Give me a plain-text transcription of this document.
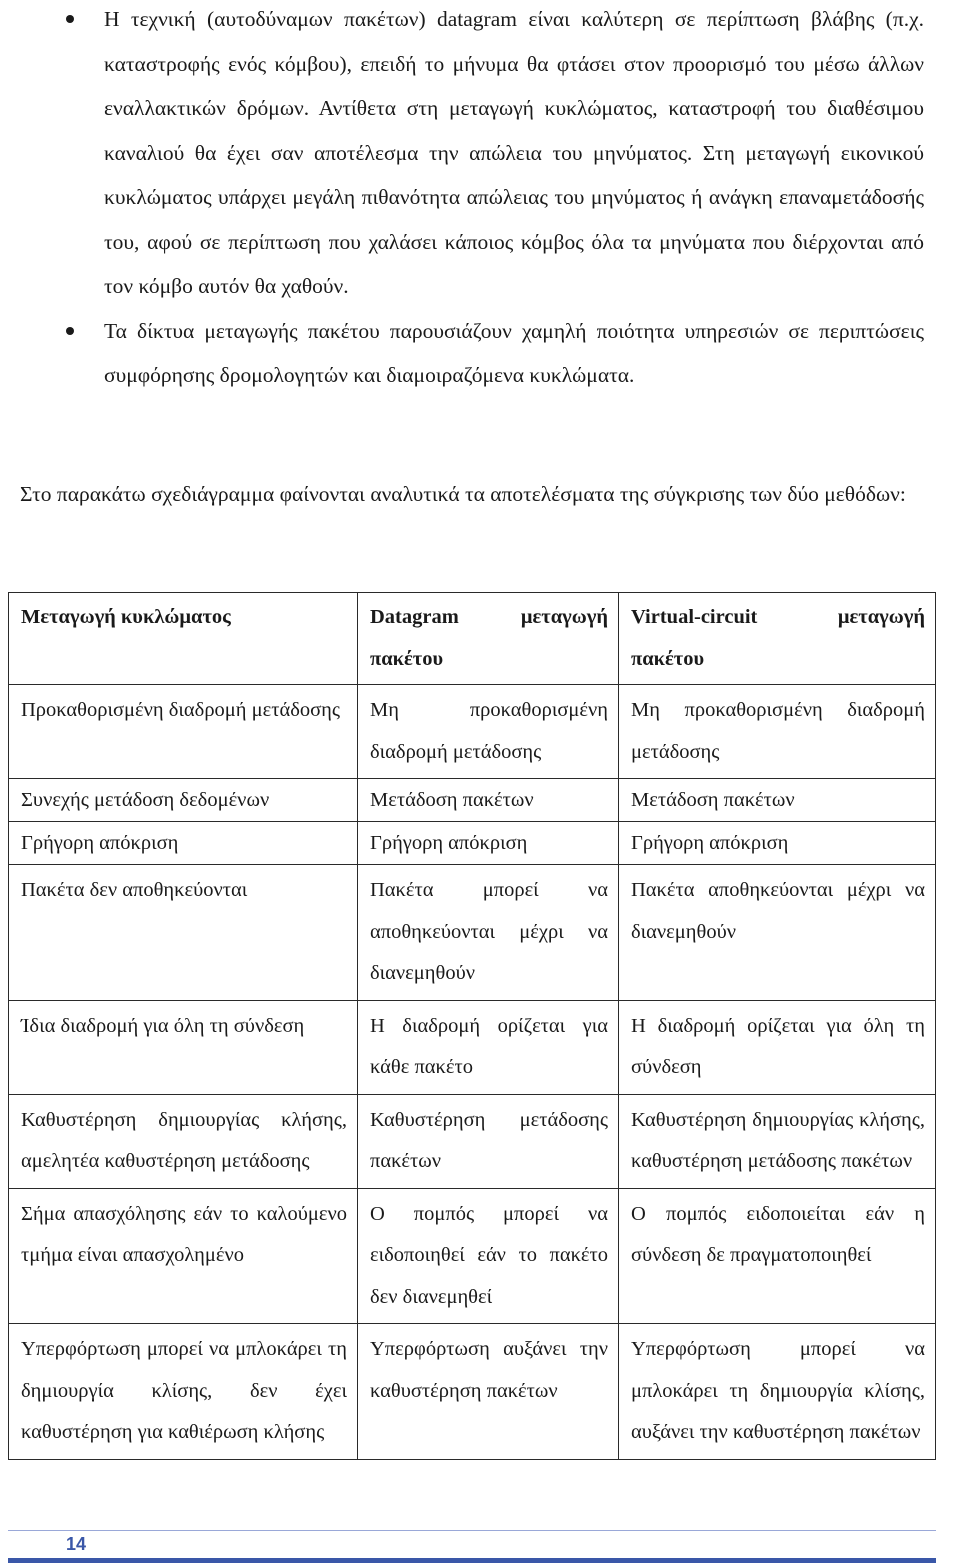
Η τεχνική (αυτοδύναμων πακέτων) datagram είναι καλύτερη σε περίπτωση βλάβης (π.χ. καταστροφής ενός κόμβου), επειδή το μήνυμα θα φτάσει στον προορισμό του μέσω άλλων εναλλακτικών δρόμων. Αντίθετα στη μεταγωγή κυκλώματος, καταστροφή του διαθέσιμου καναλιού θα έχει σαν αποτέλεσμα την απώλεια του μηνύματος. Στη μεταγωγή εικονικού κυκλώματος υπάρχει μεγάλη πιθανότητα απώλειας του μηνύματος ή ανάγκη επαναμετάδοσής του, αφού σε περίπτωση που χαλάσει κάποιος κόμβος όλα τα μηνύματα που διέρχονται από τον κόμβο αυτόν θα χαθούν.
Τα δίκτυα μεταγωγής πακέτου παρουσιάζουν χαμηλή ποιότητα υπηρεσιών σε περιπτώσεις συμφόρησης δρομολογητών και διαμοιραζόμενα κυκλώματα.

Στο παρακάτω σχεδιάγραμμα φαίνονται αναλυτικά τα αποτελέσματα της σύγκρισης των δύο μεθόδων:

Μεταγωγή κυκλώματος	Datagram μεταγωγή πακέτου	Virtual-circuit μεταγωγή πακέτου
Προκαθορισμένη διαδρομή μετάδοσης	Μη προκαθορισμένη διαδρομή μετάδοσης	Μη προκαθορισμένη διαδρομή μετάδοσης
Συνεχής μετάδοση δεδομένων	Μετάδοση πακέτων	Μετάδοση πακέτων
Γρήγορη απόκριση	Γρήγορη απόκριση	Γρήγορη απόκριση
Πακέτα δεν αποθηκεύονται	Πακέτα μπορεί να αποθηκεύονται μέχρι να διανεμηθούν	Πακέτα αποθηκεύονται μέχρι να διανεμηθούν
Ίδια διαδρομή για όλη τη σύνδεση	Η διαδρομή ορίζεται για κάθε πακέτο	Η διαδρομή ορίζεται για όλη τη σύνδεση
Καθυστέρηση δημιουργίας κλήσης, αμελητέα καθυστέρηση μετάδοσης	Καθυστέρηση μετάδοσης πακέτων	Καθυστέρηση δημιουργίας κλήσης, καθυστέρηση μετάδοσης πακέτων
Σήμα απασχόλησης εάν το καλούμενο τμήμα είναι απασχολημένο	Ο πομπός μπορεί να ειδοποιηθεί εάν το πακέτο δεν διανεμηθεί	Ο πομπός ειδοποιείται εάν η σύνδεση δε πραγματοποιηθεί
Υπερφόρτωση μπορεί να μπλοκάρει τη δημιουργία κλίσης, δεν έχει καθυστέρηση για καθιέρωση κλήσης	Υπερφόρτωση αυξάνει την καθυστέρηση πακέτων	Υπερφόρτωση μπορεί να μπλοκάρει τη δημιουργία κλίσης, αυξάνει την καθυστέρηση πακέτων
14
